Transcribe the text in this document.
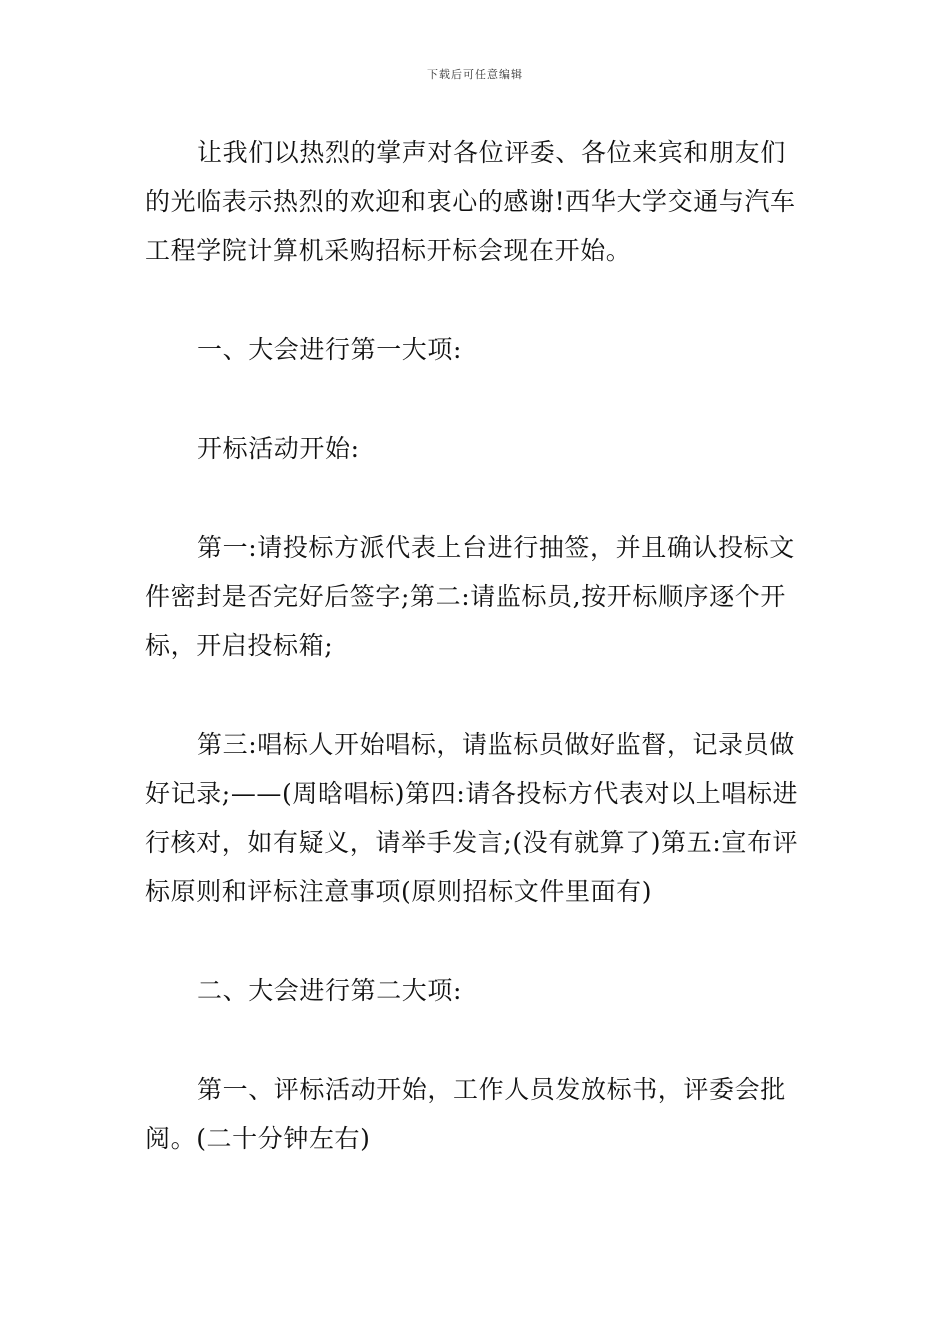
下载后可任意编辑

让我们以热烈的掌声对各位评委、各位来宾和朋友们的光临表示热烈的欢迎和衷心的感谢!西华大学交通与汽车工程学院计算机采购招标开标会现在开始。

一、大会进行第一大项:

开标活动开始:

第一:请投标方派代表上台进行抽签，并且确认投标文件密封是否完好后签字;第二:请监标员,按开标顺序逐个开标，开启投标箱;

第三:唱标人开始唱标，请监标员做好监督，记录员做好记录;——(周晗唱标)第四:请各投标方代表对以上唱标进行核对，如有疑义，请举手发言;(没有就算了)第五:宣布评标原则和评标注意事项(原则招标文件里面有)

二、大会进行第二大项:

第一、评标活动开始，工作人员发放标书，评委会批阅。(二十分钟左右)
